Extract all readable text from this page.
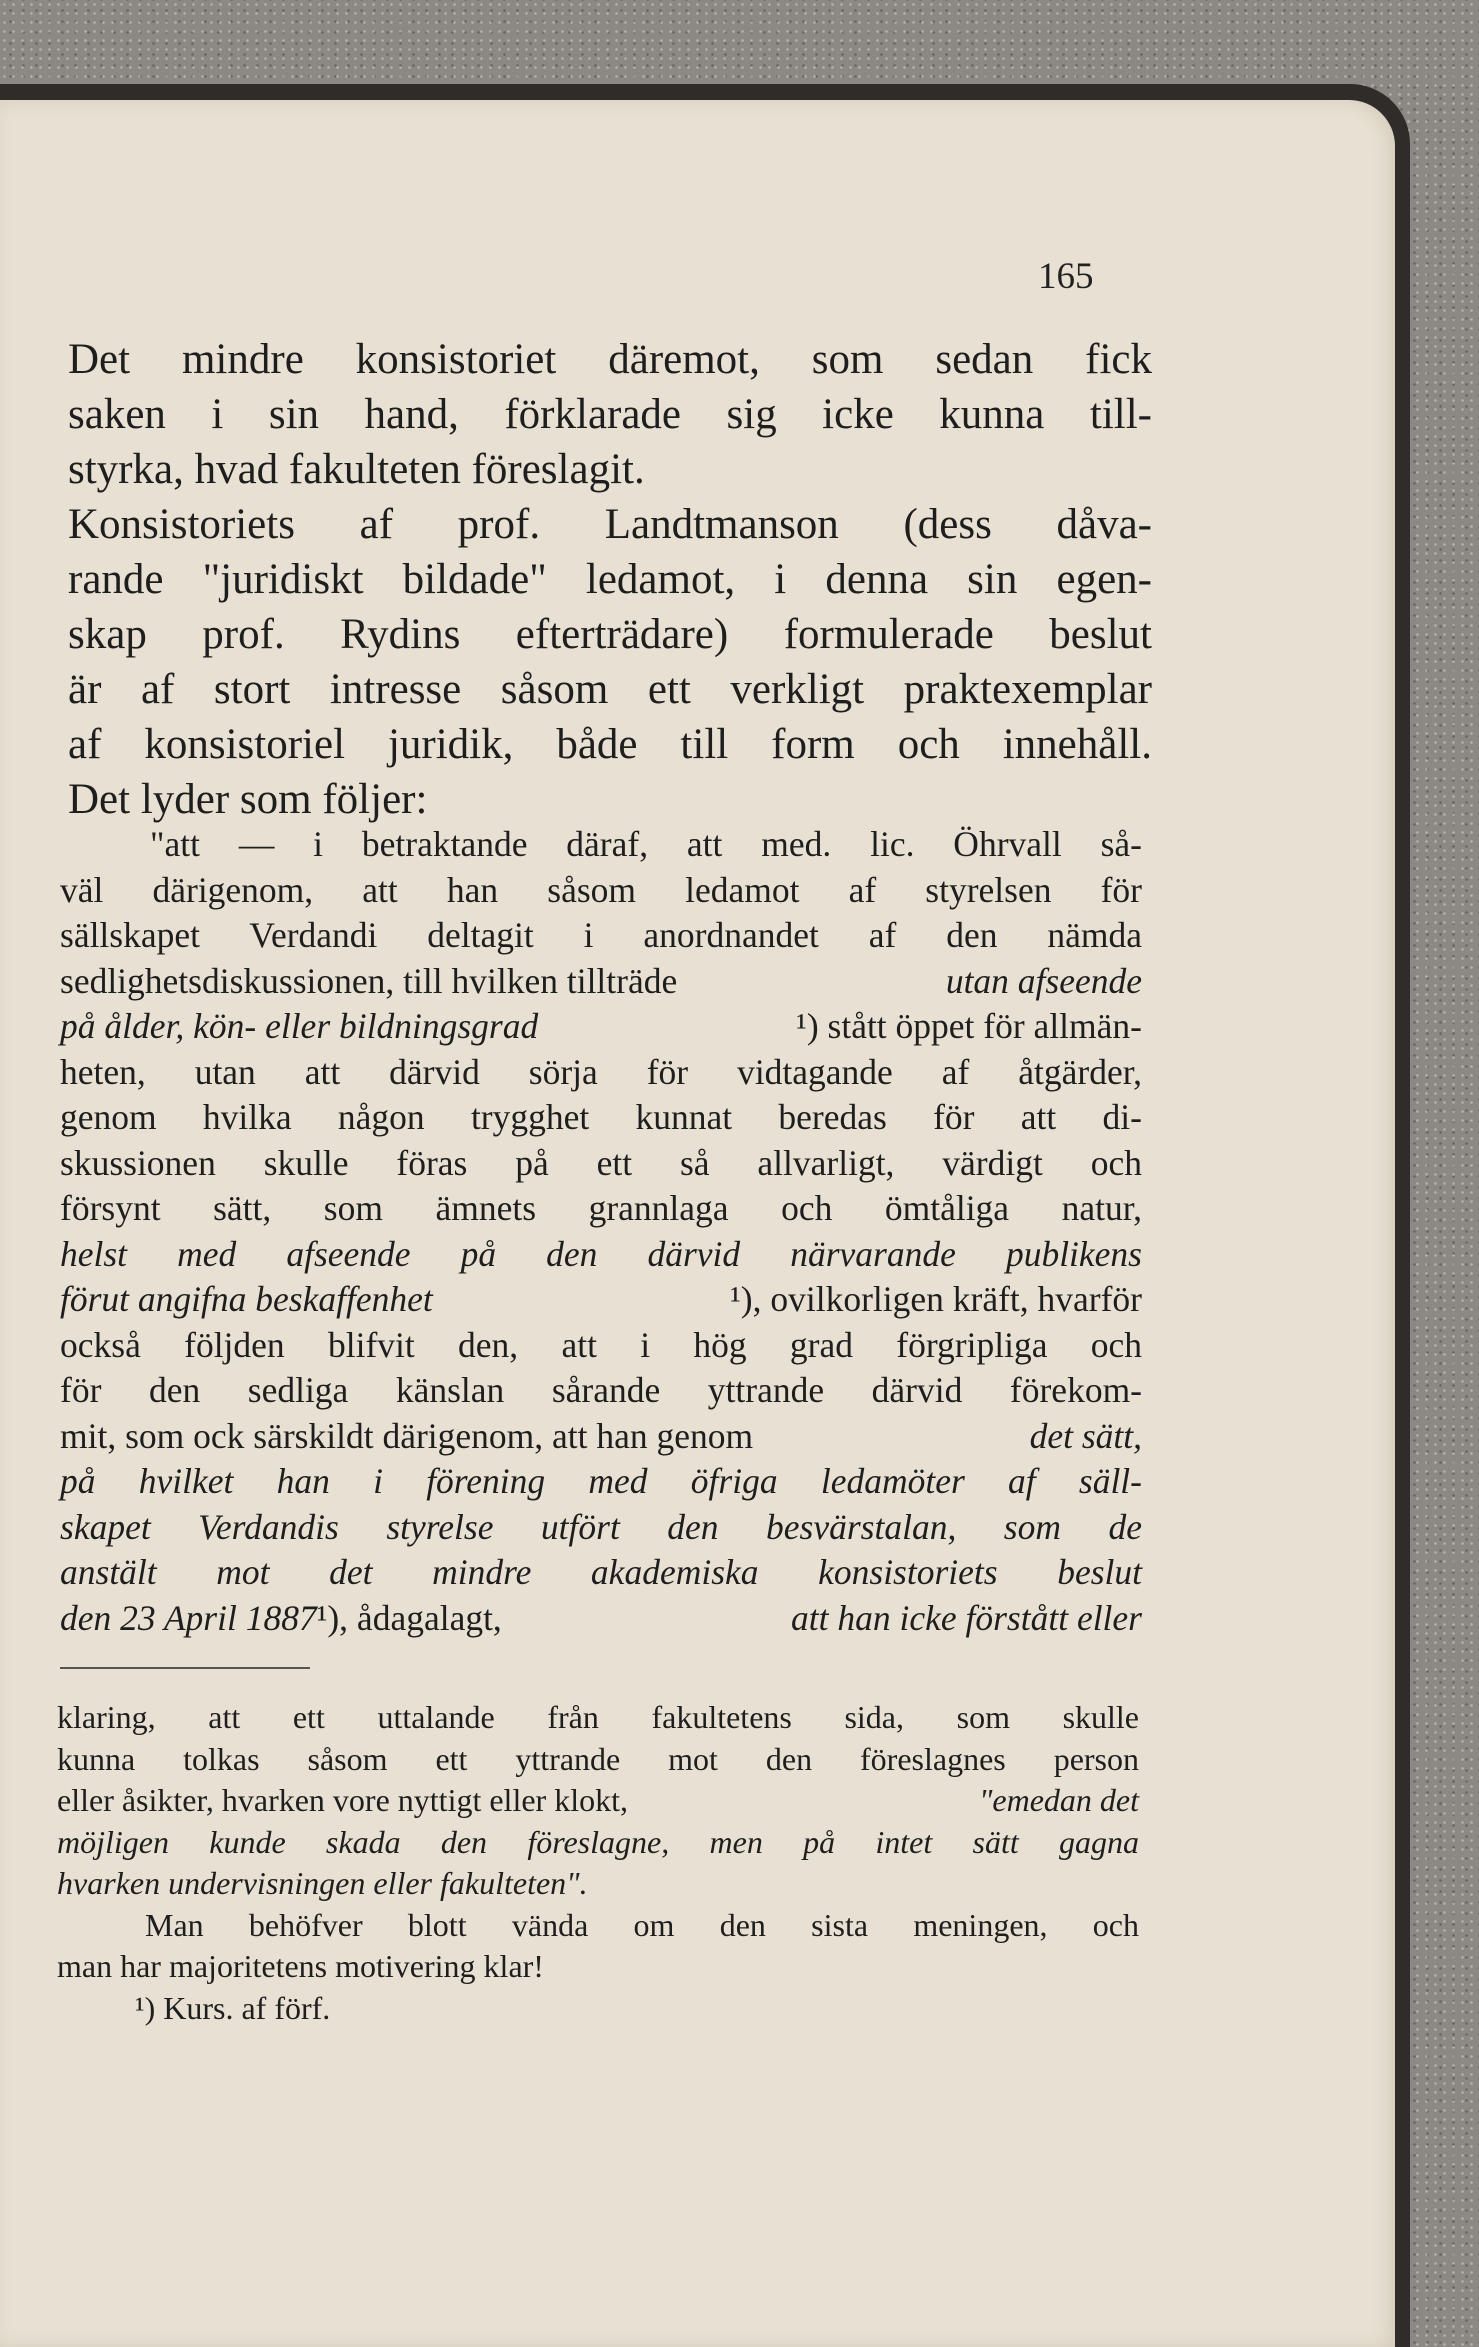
165
Det mindre konsistoriet däremot, som sedan fick
saken i sin hand, förklarade sig icke kunna till-
styrka, hvad fakulteten föreslagit.
Konsistoriets af prof. Landtmanson (dess dåva-
rande "juridiskt bildade" ledamot, i denna sin egen-
skap prof. Rydins efterträdare) formulerade beslut
är af stort intresse såsom ett verkligt praktexemplar
af konsistoriel juridik, både till form och innehåll.
Det lyder som följer:
"att — i betraktande däraf, att med. lic. Öhrvall så-
väl därigenom, att han såsom ledamot af styrelsen för
sällskapet Verdandi deltagit i anordnandet af den nämda
sedlighetsdiskussionen, till hvilken tillträde	utan afseende
på ålder, kön- eller bildningsgrad	¹) stått öppet för allmän-
heten, utan att därvid sörja för vidtagande af åtgärder,
genom hvilka någon trygghet kunnat beredas för att di-
skussionen skulle föras på ett så allvarligt, värdigt och
försynt sätt, som ämnets grannlaga och ömtåliga natur,
helst med afseende på den därvid närvarande publikens
förut angifna beskaffenhet	¹), ovilkorligen kräft, hvarför
också följden blifvit den, att i hög grad förgripliga och
för den sedliga känslan sårande yttrande därvid förekom-
mit, som ock särskildt därigenom, att han genom	det sätt,
på hvilket han i förening med öfriga ledamöter af säll-
skapet Verdandis styrelse utfört den besvärstalan, som de
anstält mot det mindre akademiska konsistoriets beslut
den 23 April 1887¹), ådagalagt,	att han icke förstått eller
klaring, att ett uttalande från fakultetens sida, som skulle
kunna tolkas såsom ett yttrande mot den föreslagnes person
eller åsikter, hvarken vore nyttigt eller klokt,	"emedan det
möjligen kunde skada den föreslagne, men på intet sätt gagna
hvarken undervisningen eller fakulteten".
Man behöfver blott vända om den sista meningen, och
man har majoritetens motivering klar!
¹) Kurs. af förf.
